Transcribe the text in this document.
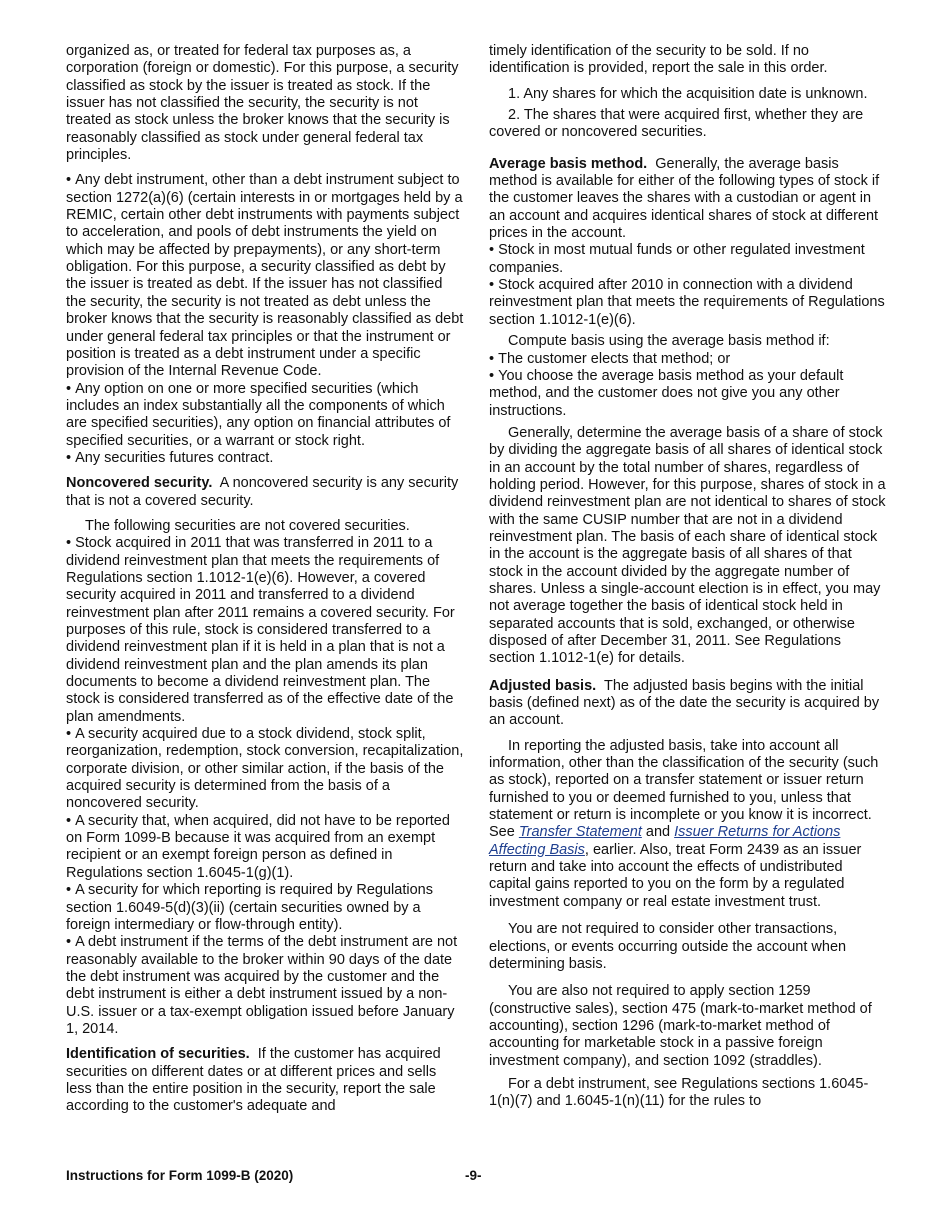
organized as, or treated for federal tax purposes as, a corporation (foreign or domestic). For this purpose, a security classified as stock by the issuer is treated as stock. If the issuer has not classified the security, the security is not treated as stock unless the broker knows that the security is reasonably classified as stock under general federal tax principles.

• Any debt instrument, other than a debt instrument subject to section 1272(a)(6) (certain interests in or mortgages held by a REMIC, certain other debt instruments with payments subject to acceleration, and pools of debt instruments the yield on which may be affected by prepayments), or any short-term obligation. For this purpose, a security classified as debt by the issuer is treated as debt. If the issuer has not classified the security, the security is not treated as debt unless the broker knows that the security is reasonably classified as debt under general federal tax principles or that the instrument or position is treated as a debt instrument under a specific provision of the Internal Revenue Code.

• Any option on one or more specified securities (which includes an index substantially all the components of which are specified securities), any option on financial attributes of specified securities, or a warrant or stock right.

• Any securities futures contract.

Noncovered security. A noncovered security is any security that is not a covered security.

The following securities are not covered securities.

• Stock acquired in 2011 that was transferred in 2011 to a dividend reinvestment plan that meets the requirements of Regulations section 1.1012-1(e)(6). However, a covered security acquired in 2011 and transferred to a dividend reinvestment plan after 2011 remains a covered security. For purposes of this rule, stock is considered transferred to a dividend reinvestment plan if it is held in a plan that is not a dividend reinvestment plan and the plan amends its plan documents to become a dividend reinvestment plan. The stock is considered transferred as of the effective date of the plan amendments.

• A security acquired due to a stock dividend, stock split, reorganization, redemption, stock conversion, recapitalization, corporate division, or other similar action, if the basis of the acquired security is determined from the basis of a noncovered security.

• A security that, when acquired, did not have to be reported on Form 1099-B because it was acquired from an exempt recipient or an exempt foreign person as defined in Regulations section 1.6045-1(g)(1).

• A security for which reporting is required by Regulations section 1.6049-5(d)(3)(ii) (certain securities owned by a foreign intermediary or flow-through entity).

• A debt instrument if the terms of the debt instrument are not reasonably available to the broker within 90 days of the date the debt instrument was acquired by the customer and the debt instrument is either a debt instrument issued by a non-U.S. issuer or a tax-exempt obligation issued before January 1, 2014.

Identification of securities. If the customer has acquired securities on different dates or at different prices and sells less than the entire position in the security, report the sale according to the customer's adequate and

timely identification of the security to be sold. If no identification is provided, report the sale in this order.

1. Any shares for which the acquisition date is unknown.

2. The shares that were acquired first, whether they are covered or noncovered securities.

Average basis method. Generally, the average basis method is available for either of the following types of stock if the customer leaves the shares with a custodian or agent in an account and acquires identical shares of stock at different prices in the account.

• Stock in most mutual funds or other regulated investment companies.

• Stock acquired after 2010 in connection with a dividend reinvestment plan that meets the requirements of Regulations section 1.1012-1(e)(6).

Compute basis using the average basis method if:

• The customer elects that method; or

• You choose the average basis method as your default method, and the customer does not give you any other instructions.

Generally, determine the average basis of a share of stock by dividing the aggregate basis of all shares of identical stock in an account by the total number of shares, regardless of holding period. However, for this purpose, shares of stock in a dividend reinvestment plan are not identical to shares of stock with the same CUSIP number that are not in a dividend reinvestment plan. The basis of each share of identical stock in the account is the aggregate basis of all shares of that stock in the account divided by the aggregate number of shares. Unless a single-account election is in effect, you may not average together the basis of identical stock held in separated accounts that is sold, exchanged, or otherwise disposed of after December 31, 2011. See Regulations section 1.1012-1(e) for details.

Adjusted basis. The adjusted basis begins with the initial basis (defined next) as of the date the security is acquired by an account.

In reporting the adjusted basis, take into account all information, other than the classification of the security (such as stock), reported on a transfer statement or issuer return furnished to you or deemed furnished to you, unless that statement or return is incomplete or you know it is incorrect. See Transfer Statement and Issuer Returns for Actions Affecting Basis, earlier. Also, treat Form 2439 as an issuer return and take into account the effects of undistributed capital gains reported to you on the form by a regulated investment company or real estate investment trust.

You are not required to consider other transactions, elections, or events occurring outside the account when determining basis.

You are also not required to apply section 1259 (constructive sales), section 475 (mark-to-market method of accounting), section 1296 (mark-to-market method of accounting for marketable stock in a passive foreign investment company), and section 1092 (straddles).

For a debt instrument, see Regulations sections 1.6045-1(n)(7) and 1.6045-1(n)(11) for the rules to

Instructions for Form 1099-B (2020)	-9-
